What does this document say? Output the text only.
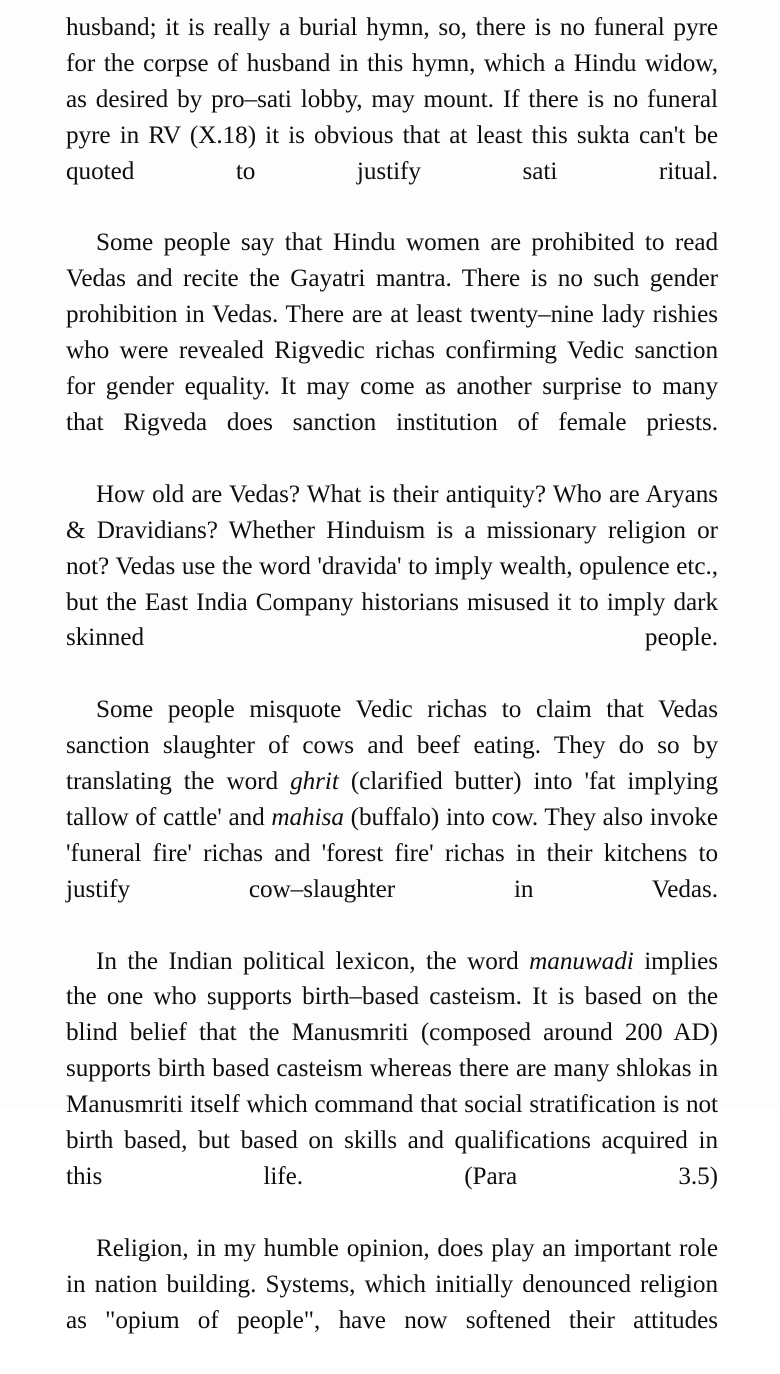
husband; it is really a burial hymn, so, there is no funeral pyre for the corpse of husband in this hymn, which a Hindu widow, as desired by pro–sati lobby, may mount. If there is no funeral pyre in RV (X.18) it is obvious that at least this sukta can't be quoted to justify sati ritual.

Some people say that Hindu women are prohibited to read Vedas and recite the Gayatri mantra. There is no such gender prohibition in Vedas. There are at least twenty–nine lady rishies who were revealed Rigvedic richas confirming Vedic sanction for gender equality. It may come as another surprise to many that Rigveda does sanction institution of female priests.

How old are Vedas? What is their antiquity? Who are Aryans & Dravidians? Whether Hinduism is a missionary religion or not? Vedas use the word 'dravida' to imply wealth, opulence etc., but the East India Company historians misused it to imply dark skinned people.

Some people misquote Vedic richas to claim that Vedas sanction slaughter of cows and beef eating. They do so by translating the word ghrit (clarified butter) into 'fat implying tallow of cattle' and mahisa (buffalo) into cow. They also invoke 'funeral fire' richas and 'forest fire' richas in their kitchens to justify cow–slaughter in Vedas.

In the Indian political lexicon, the word manuwadi implies the one who supports birth–based casteism. It is based on the blind belief that the Manusmriti (composed around 200 AD) supports birth based casteism whereas there are many shlokas in Manusmriti itself which command that social stratification is not birth based, but based on skills and qualifications acquired in this life. (Para 3.5)

Religion, in my humble opinion, does play an important role in nation building. Systems, which initially denounced religion as "opium of people", have now softened their attitudes
